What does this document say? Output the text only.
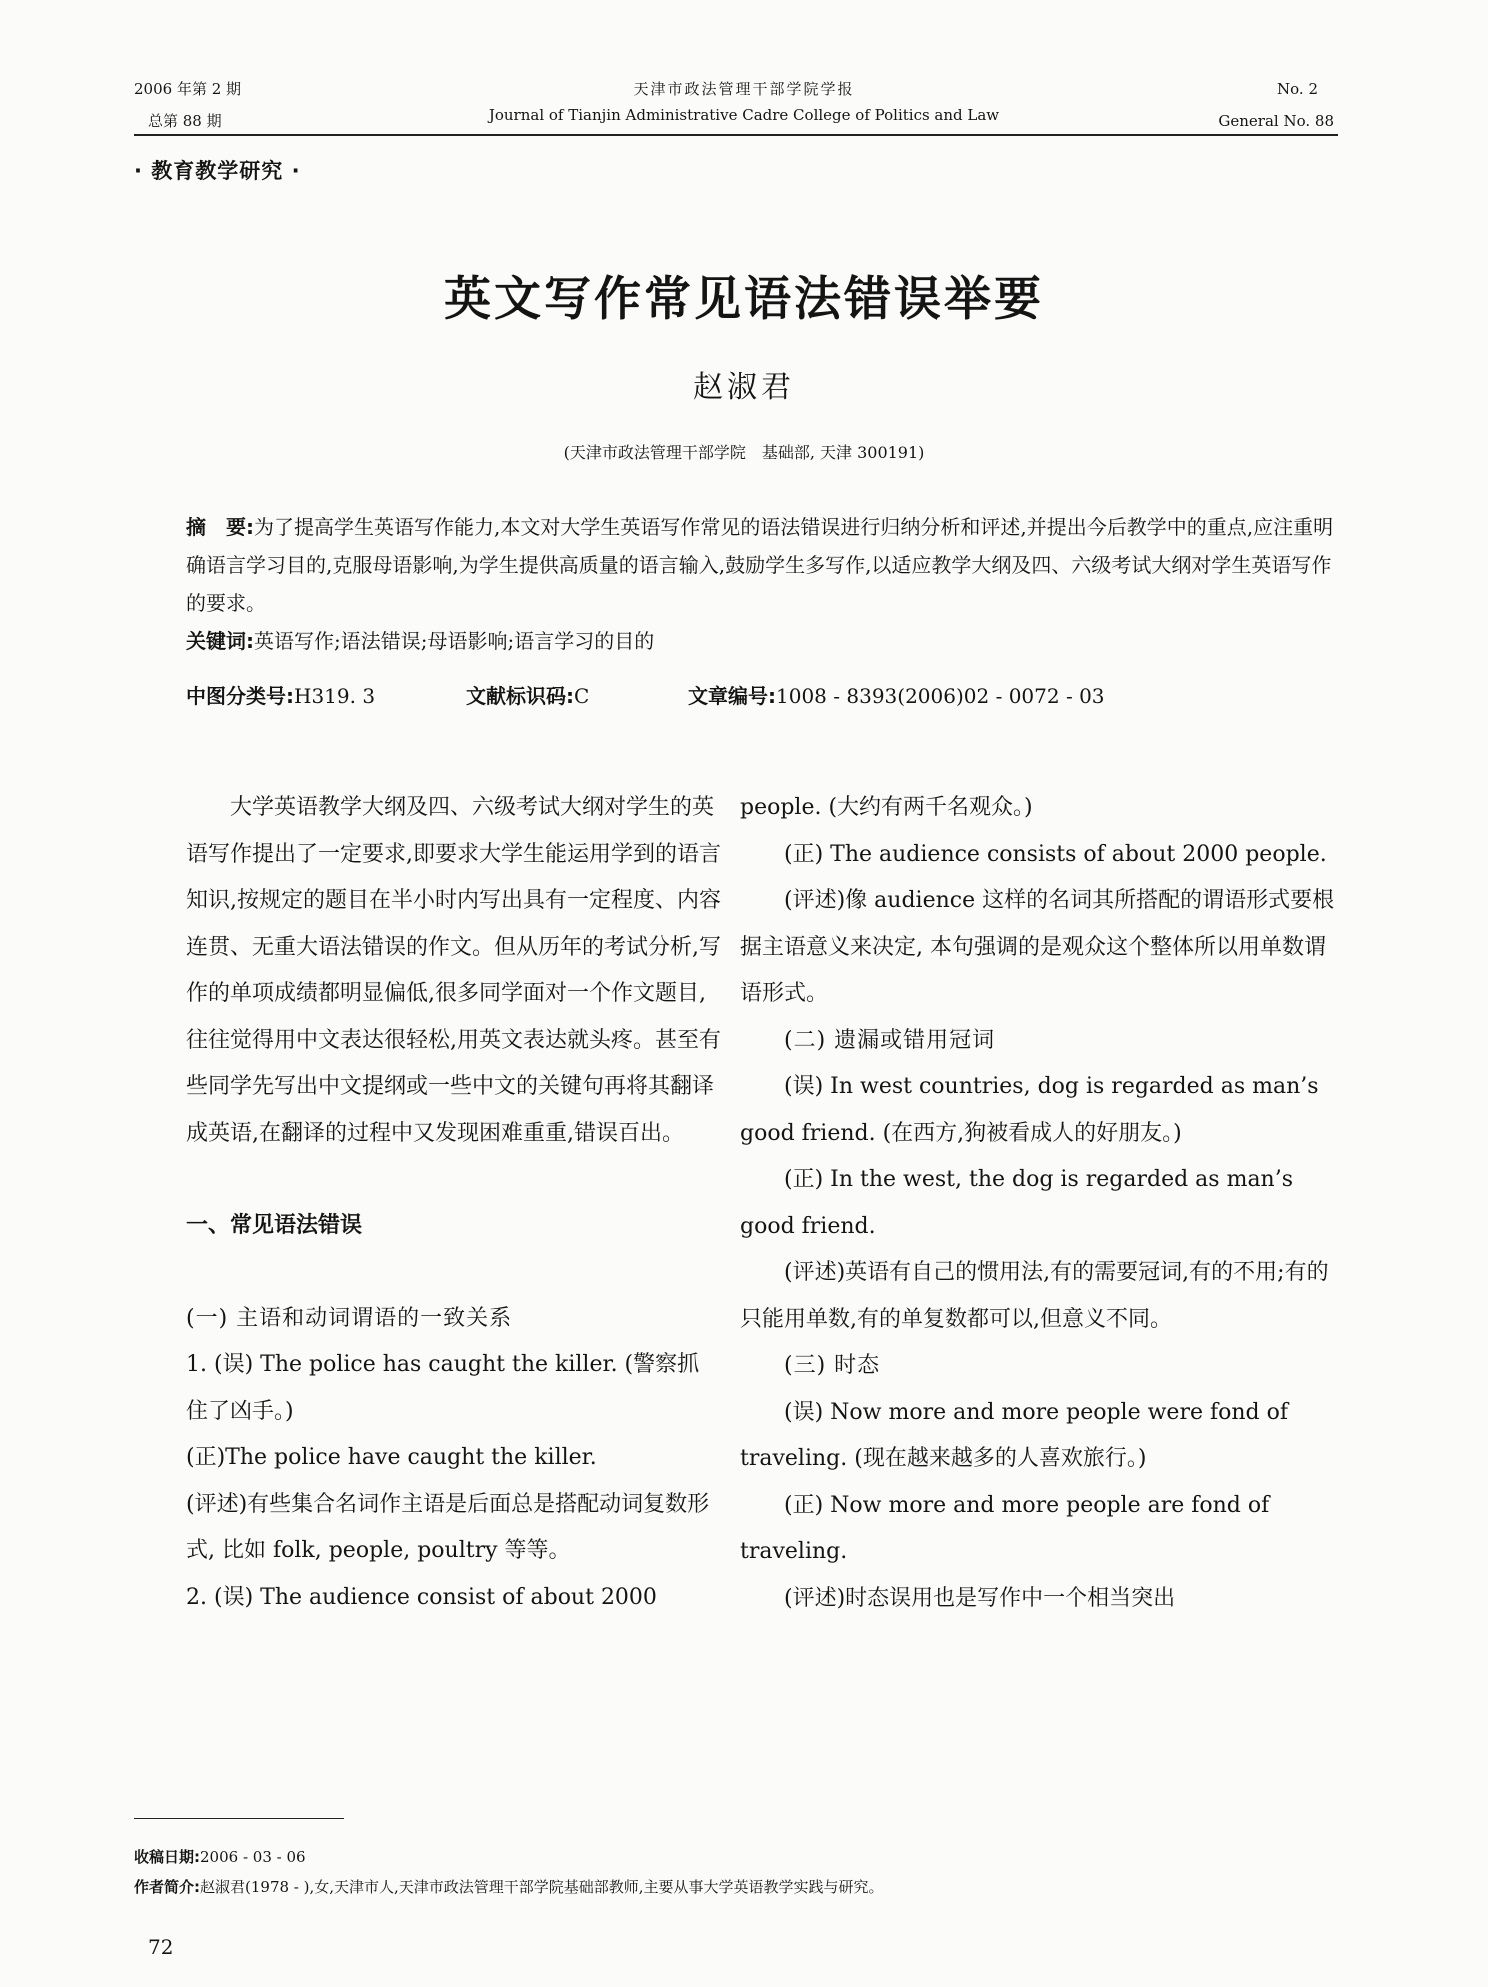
2006 年第 2 期
总第 88 期
天津市政法管理干部学院学报
Journal of Tianjin Administrative Cadre College of Politics and Law
No. 2
General No. 88
· 教育教学研究 ·
英文写作常见语法错误举要
赵淑君
(天津市政法管理干部学院　基础部, 天津 300191)

摘　要:为了提高学生英语写作能力,本文对大学生英语写作常见的语法错误进行归纳分析和评述,并提出今后教学中的重点,应注重明确语言学习目的,克服母语影响,为学生提供高质量的语言输入,鼓励学生多写作,以适应教学大纲及四、六级考试大纲对学生英语写作的要求。

关键词:英语写作;语法错误;母语影响;语言学习的目的

中图分类号:H319. 3	文献标识码:C	文章编号:1008 - 8393(2006)02 - 0072 - 03

大学英语教学大纲及四、六级考试大纲对学生的英语写作提出了一定要求,即要求大学生能运用学到的语言知识,按规定的题目在半小时内写出具有一定程度、内容连贯、无重大语法错误的作文。但从历年的考试分析,写作的单项成绩都明显偏低,很多同学面对一个作文题目,往往觉得用中文表达很轻松,用英文表达就头疼。甚至有些同学先写出中文提纲或一些中文的关键句再将其翻译成英语,在翻译的过程中又发现困难重重,错误百出。

一、常见语法错误

(一) 主语和动词谓语的一致关系

1. (误) The police has caught the killer. (警察抓住了凶手。)

(正)The police have caught the killer.

(评述)有些集合名词作主语是后面总是搭配动词复数形式, 比如 folk, people, poultry 等等。

2. (误) The audience consist of about 2000

people. (大约有两千名观众。)

(正) The audience consists of about 2000 people.

(评述)像 audience 这样的名词其所搭配的谓语形式要根据主语意义来决定, 本句强调的是观众这个整体所以用单数谓语形式。

(二) 遗漏或错用冠词

(误) In west countries, dog is regarded as man’s good friend. (在西方,狗被看成人的好朋友。)

(正) In the west, the dog is regarded as man’s good friend.

(评述)英语有自己的惯用法,有的需要冠词,有的不用;有的只能用单数,有的单复数都可以,但意义不同。

(三) 时态

(误) Now more and more people were fond of traveling. (现在越来越多的人喜欢旅行。)

(正) Now more and more people are fond of traveling.

(评述)时态误用也是写作中一个相当突出

收稿日期:2006 - 03 - 06
作者简介:赵淑君(1978 - ),女,天津市人,天津市政法管理干部学院基础部教师,主要从事大学英语教学实践与研究。
72
